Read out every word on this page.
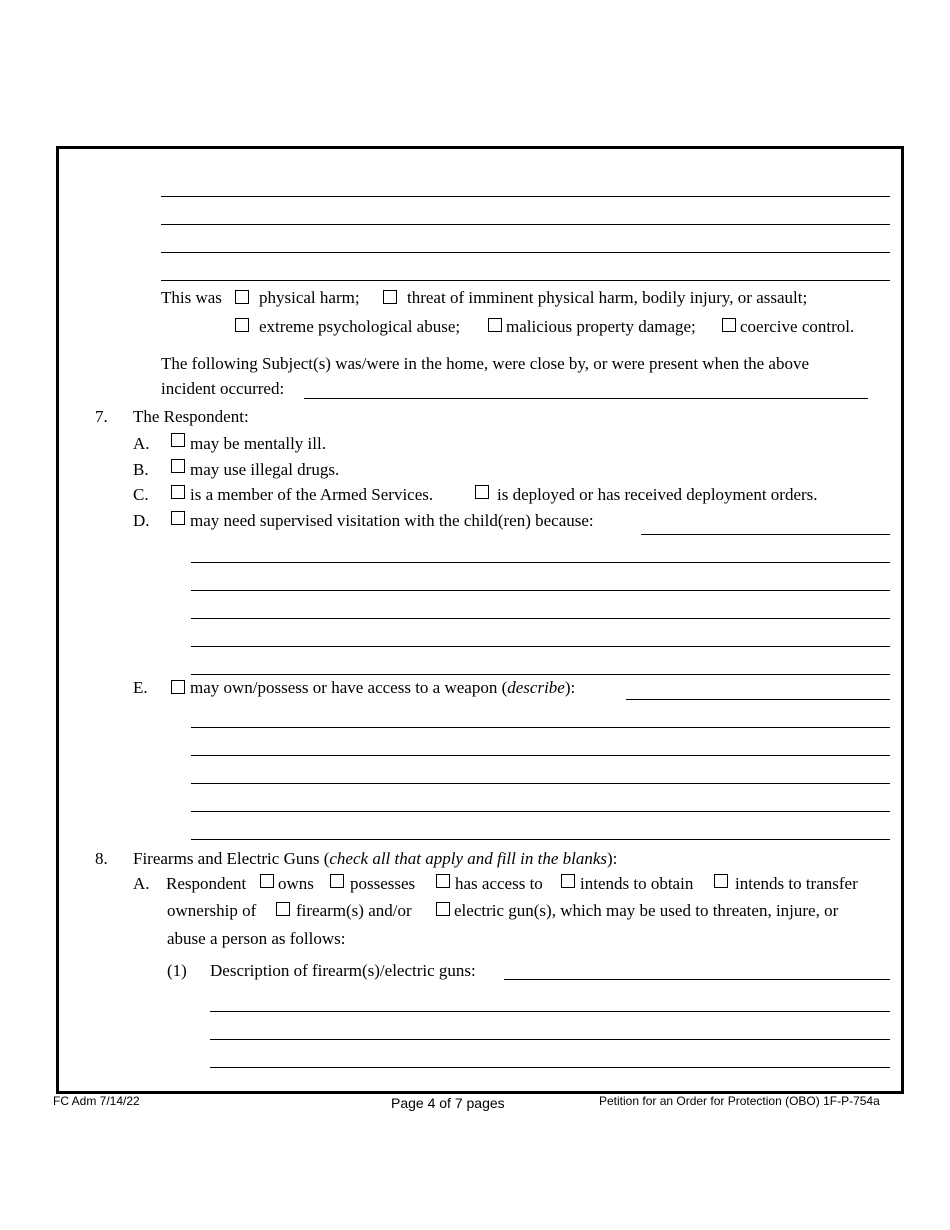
This was physical harm;	threat of imminent physical harm, bodily injury, or assault;
extreme psychological abuse;	malicious property damage;	coercive control.
The following Subject(s) was/were in the home, were close by, or were present when the above
incident occurred:
7. The Respondent:
A. may be mentally ill.
B. may use illegal drugs.
C. is a member of the Armed Services.	is deployed or has received deployment orders.
D. may need supervised visitation with the child(ren) because:
E. may own/possess or have access to a weapon (describe):
8. Firearms and Electric Guns (check all that apply and fill in the blanks):
A. Respondent owns possesses has access to intends to obtain intends to transfer
ownership of firearm(s) and/or electric gun(s), which may be used to threaten, injure, or
abuse a person as follows:
(1) Description of firearm(s)/electric guns:
FC Adm 7/14/22	Page 4 of 7 pages	Petition for an Order for Protection (OBO) 1F-P-754a
